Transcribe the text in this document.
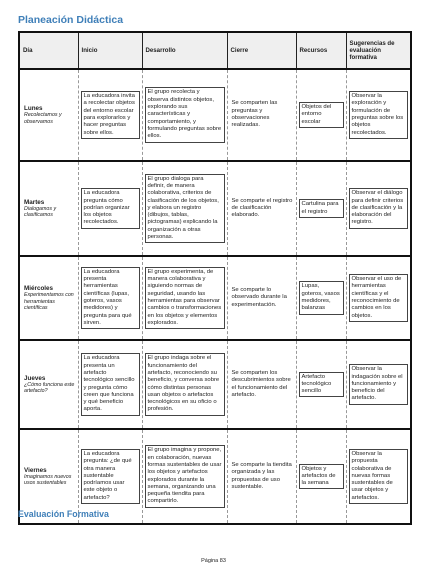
Planeación Didáctica
Día	Inicio	Desarrollo	Cierre	Recursos	Sugerencias de evaluación formativa

Lunes
Recolectamos y observamos	La educadora invita a recolectar objetos del entorno escolar para explorarlos y hacer preguntas sobre ellos.	El grupo recolecta y observa distintos objetos, explorando sus características y comportamiento, y formulando preguntas sobre ellos.	Se comparten las preguntas y observaciones realizadas.	Objetos del entorno escolar	Observar la exploración y formulación de preguntas sobre los objetos recolectados.

Martes
Dialogamos y clasificamos	La educadora pregunta cómo podrían organizar los objetos recolectados.	El grupo dialoga para definir, de manera colaborativa, criterios de clasificación de los objetos, y elabora un registro (dibujos, tablas, pictogramas) explicando la organización a otras personas.	Se comparte el registro de clasificación elaborado.	Cartulina para el registro	Observar el diálogo para definir criterios de clasificación y la elaboración del registro.

Miércoles
Experimentamos con herramientas científicas	La educadora presenta herramientas científicas (lupas, goteros, vasos medidores) y pregunta para qué sirven.	El grupo experimenta, de manera colaborativa y siguiendo normas de seguridad, usando las herramientas para observar cambios o transformaciones en los objetos y elementos explorados.	Se comparte lo observado durante la experimentación.	Lupas, goteros, vasos medidores, balanzas	Observar el uso de herramientas científicas y el reconocimiento de cambios en los objetos.

Jueves
¿Cómo funciona este artefacto?	La educadora presenta un artefacto tecnológico sencillo y pregunta cómo creen que funciona y qué beneficio aporta.	El grupo indaga sobre el funcionamiento del artefacto, reconociendo su beneficio, y conversa sobre cómo distintas personas usan objetos o artefactos tecnológicos en su oficio o profesión.	Se comparten los descubrimientos sobre el funcionamiento del artefacto.	Artefacto tecnológico sencillo	Observar la indagación sobre el funcionamiento y beneficio del artefacto.

Viernes
Imaginamos nuevos usos sustentables	La educadora pregunta: ¿de qué otra manera sustentable podríamos usar este objeto o artefacto?	El grupo imagina y propone, en colaboración, nuevas formas sustentables de usar los objetos y artefactos explorados durante la semana, organizando una pequeña tiendita para compartirlo.	Se comparte la tiendita organizada y las propuestas de uso sustentable.	Objetos y artefactos de la semana	Observar la propuesta colaborativa de nuevas formas sustentables de usar objetos y artefactos.
Evaluación Formativa
Página 83
